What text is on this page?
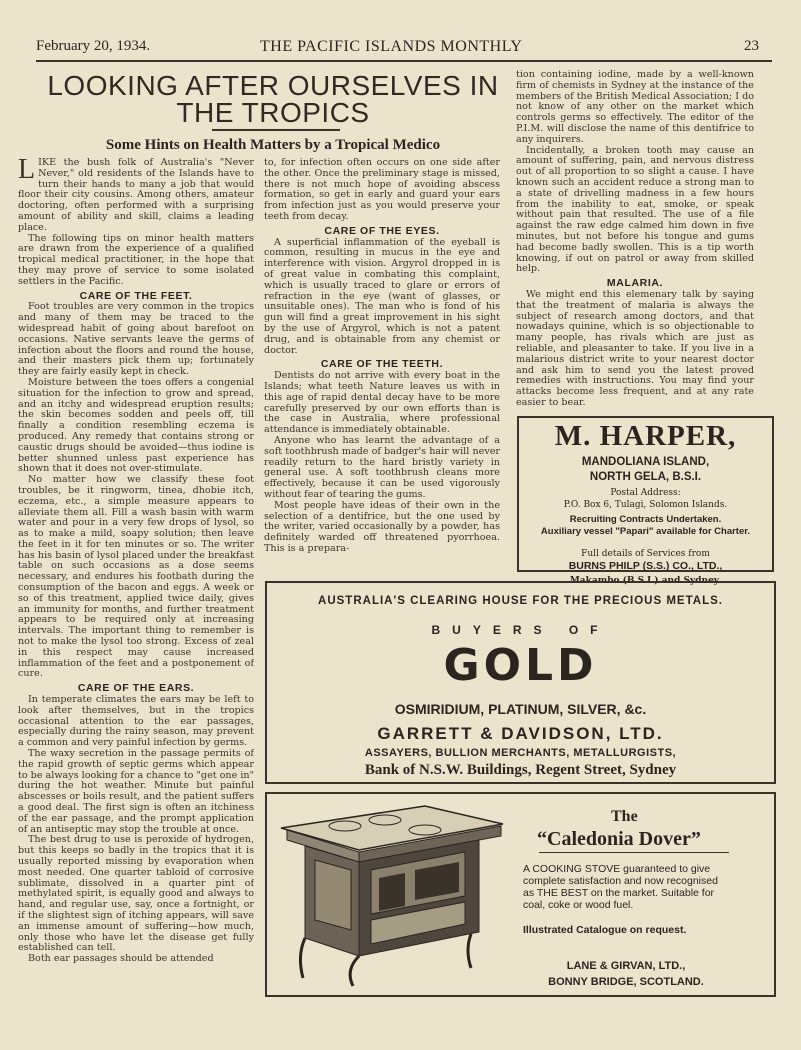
February 20, 1934.	THE PACIFIC ISLANDS MONTHLY	23
LOOKING AFTER OURSELVES IN
THE TROPICS
Some Hints on Health Matters by a Tropical Medico

LIKE the bush folk of Australia's "Never Never," old residents of the Islands have to turn their hands to many a job that would floor their city cousins. Among others, amateur doctoring, often performed with a surprising amount of ability and skill, claims a leading place.

The following tips on minor health matters are drawn from the experience of a qualified tropical medical practitioner, in the hope that they may prove of service to some isolated settlers in the Pacific.

CARE OF THE FEET.

Foot troubles are very common in the tropics and many of them may be traced to the widespread habit of going about barefoot on occasions. Native servants leave the germs of infection about the floors and round the house, and their masters pick them up; fortunately they are fairly easily kept in check.

Moisture between the toes offers a congenial situation for the infection to grow and spread, and an itchy and widespread eruption results; the skin becomes sodden and peels off, till finally a condition resembling eczema is produced. Any remedy that contains strong or caustic drugs should be avoided—thus iodine is better shunned unless past experience has shown that it does not over-stimulate.

No matter how we classify these foot troubles, be it ringworm, tinea, dhobie itch, eczema, etc., a simple measure appears to alleviate them all. Fill a wash basin with warm water and pour in a very few drops of lysol, so as to make a mild, soapy solution; then leave the feet in it for ten minutes or so. The writer has his basin of lysol placed under the breakfast table on such occasions as a dose seems necessary, and endures his footbath during the consumption of the bacon and eggs. A week or so of this treatment, applied twice daily, gives an immunity for months, and further treatment appears to be required only at increasing intervals. The important thing to remember is not to make the lysol too strong. Excess of zeal in this respect may cause increased inflammation of the feet and a postponement of cure.

CARE OF THE EARS.

In temperate climates the ears may be left to look after themselves, but in the tropics occasional attention to the ear passages, especially during the rainy season, may prevent a common and very painful infection by germs.

The waxy secretion in the passage permits of the rapid growth of septic germs which appear to be always looking for a chance to "get one in" during the hot weather. Minute but painful abscesses or boils result, and the patient suffers a good deal. The first sign is often an itchiness of the ear passage, and the prompt application of an antiseptic may stop the trouble at once.

The best drug to use is peroxide of hydrogen, but this keeps so badly in the tropics that it is usually reported missing by evaporation when most needed. One quarter tabloid of corrosive sublimate, dissolved in a quarter pint of methylated spirit, is equally good and always to hand, and regular use, say, once a fortnight, or if the slightest sign of itching appears, will save an immense amount of suffering—how much, only those who have let the disease get fully established can tell.

Both ear passages should be attended

to, for infection often occurs on one side after the other. Once the preliminary stage is missed, there is not much hope of avoiding abscess formation, so get in early and guard your ears from infection just as you would preserve your teeth from decay.

CARE OF THE EYES.

A superficial inflammation of the eyeball is common, resulting in mucus in the eye and interference with vision. Argyrol dropped in is of great value in combating this complaint, which is usually traced to glare or errors of refraction in the eye (want of glasses, or unsuitable ones). The man who is fond of his gun will find a great improvement in his sight by the use of Argyrol, which is not a patent drug, and is obtainable from any chemist or doctor.

CARE OF THE TEETH.

Dentists do not arrive with every boat in the Islands; what teeth Nature leaves us with in this age of rapid dental decay have to be more carefully preserved by our own efforts than is the case in Australia, where professional attendance is immediately obtainable.

Anyone who has learnt the advantage of a soft toothbrush made of badger's hair will never readily return to the hard bristly variety in general use. A soft toothbrush cleans more effectively, because it can be used vigorously without fear of tearing the gums.

Most people have ideas of their own in the selection of a dentifrice, but the one used by the writer, varied occasionally by a powder, has definitely warded off threatened pyorrhoea. This is a prepara-

tion containing iodine, made by a well-known firm of chemists in Sydney at the instance of the members of the British Medical Association; I do not know of any other on the market which controls germs so effectively. The editor of the P.I.M. will disclose the name of this dentifrice to any inquirers.

Incidentally, a broken tooth may cause an amount of suffering, pain, and nervous distress out of all proportion to so slight a cause. I have known such an accident reduce a strong man to a state of drivelling madness in a few hours from the inability to eat, smoke, or speak without pain that resulted. The use of a file against the raw edge calmed him down in five minutes, but not before his tongue and gums had become badly swollen. This is a tip worth knowing, if out on patrol or away from skilled help.

MALARIA.

We might end this elemenary talk by saying that the treatment of malaria is always the subject of research among doctors, and that nowadays quinine, which is so objectionable to many people, has rivals which are just as reliable, and pleasanter to take. If you live in a malarious district write to your nearest doctor and ask him to send you the latest proved remedies with instructions. You may find your attacks become less frequent, and at any rate easier to bear.

M. HARPER,
MANDOLIANA ISLAND,
NORTH GELA, B.S.I.
Postal Address:
P.O. Box 6, Tulagi, Solomon Islands.
Recruiting Contracts Undertaken.
Auxiliary vessel "Papari" available for Charter.
Full details of Services from
BURNS PHILP (S.S.) CO., LTD.,
Makambo (B.S.I.) and Sydney.
AUSTRALIA'S CLEARING HOUSE FOR THE PRECIOUS METALS.
BUYERS OF
GOLD
OSMIRIDIUM, PLATINUM, SILVER, &c.
GARRETT & DAVIDSON, LTD.
ASSAYERS, BULLION MERCHANTS, METALLURGISTS,
Bank of N.S.W. Buildings, Regent Street, Sydney
The
“Caledonia Dover”
A COOKING STOVE guaranteed to give complete satisfaction and now recognised as THE BEST on the market. Suitable for coal, coke or wood fuel.
Illustrated Catalogue on request.
LANE & GIRVAN, LTD.,
BONNY BRIDGE, SCOTLAND.
